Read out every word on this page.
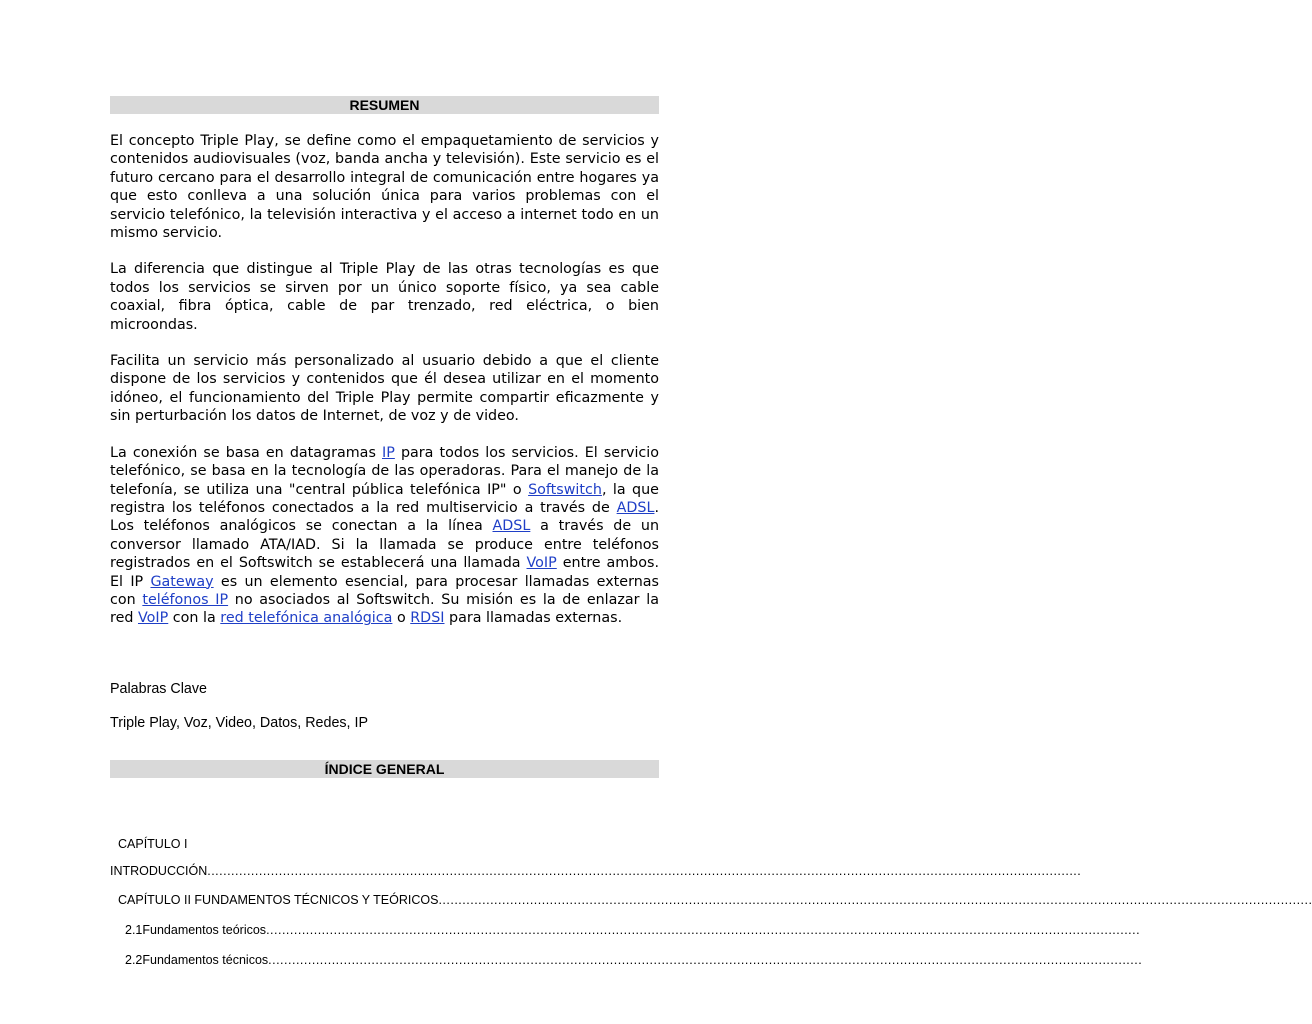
RESUMEN

El concepto Triple Play, se define como el empaquetamiento de servicios y contenidos audiovisuales (voz, banda ancha y televisión). Este servicio es el futuro cercano para el desarrollo integral de comunicación entre hogares ya que esto conlleva a una solución única para varios problemas con el servicio telefónico, la televisión interactiva y el acceso a internet todo en un mismo servicio.

La diferencia que distingue al Triple Play de las otras tecnologías es que todos los servicios se sirven por un único soporte físico, ya sea cable coaxial, fibra óptica, cable de par trenzado, red eléctrica, o bien microondas.

Facilita un servicio más personalizado al usuario debido a que el cliente dispone de los servicios y contenidos que él desea utilizar en el momento idóneo, el funcionamiento del Triple Play permite compartir eficazmente y sin perturbación los datos de Internet, de voz y de video.

La conexión se basa en datagramas IP para todos los servicios. El servicio telefónico, se basa en la tecnología de las operadoras. Para el manejo de la telefonía, se utiliza una "central pública telefónica IP" o Softswitch, la que registra los teléfonos conectados a la red multiservicio a través de ADSL. Los teléfonos analógicos se conectan a la línea ADSL a través de un conversor llamado ATA/IAD. Si la llamada se produce entre teléfonos registrados en el Softswitch se establecerá una llamada VoIP entre ambos. El IP Gateway es un elemento esencial, para procesar llamadas externas con teléfonos IP no asociados al Softswitch. Su misión es la de enlazar la red VoIP con la red telefónica analógica o RDSI para llamadas externas.

Palabras Clave

Triple Play, Voz, Video, Datos, Redes, IP

ÍNDICE GENERAL
CAPÍTULO I
INTRODUCCIÓN............................................................................................................................................................................................................................
CAPÍTULO II FUNDAMENTOS TÉCNICOS Y TEÓRICOS............................................................................................................................................................................................................................
2.1Fundamentos teóricos............................................................................................................................................................................................................................
2.2Fundamentos técnicos............................................................................................................................................................................................................................
